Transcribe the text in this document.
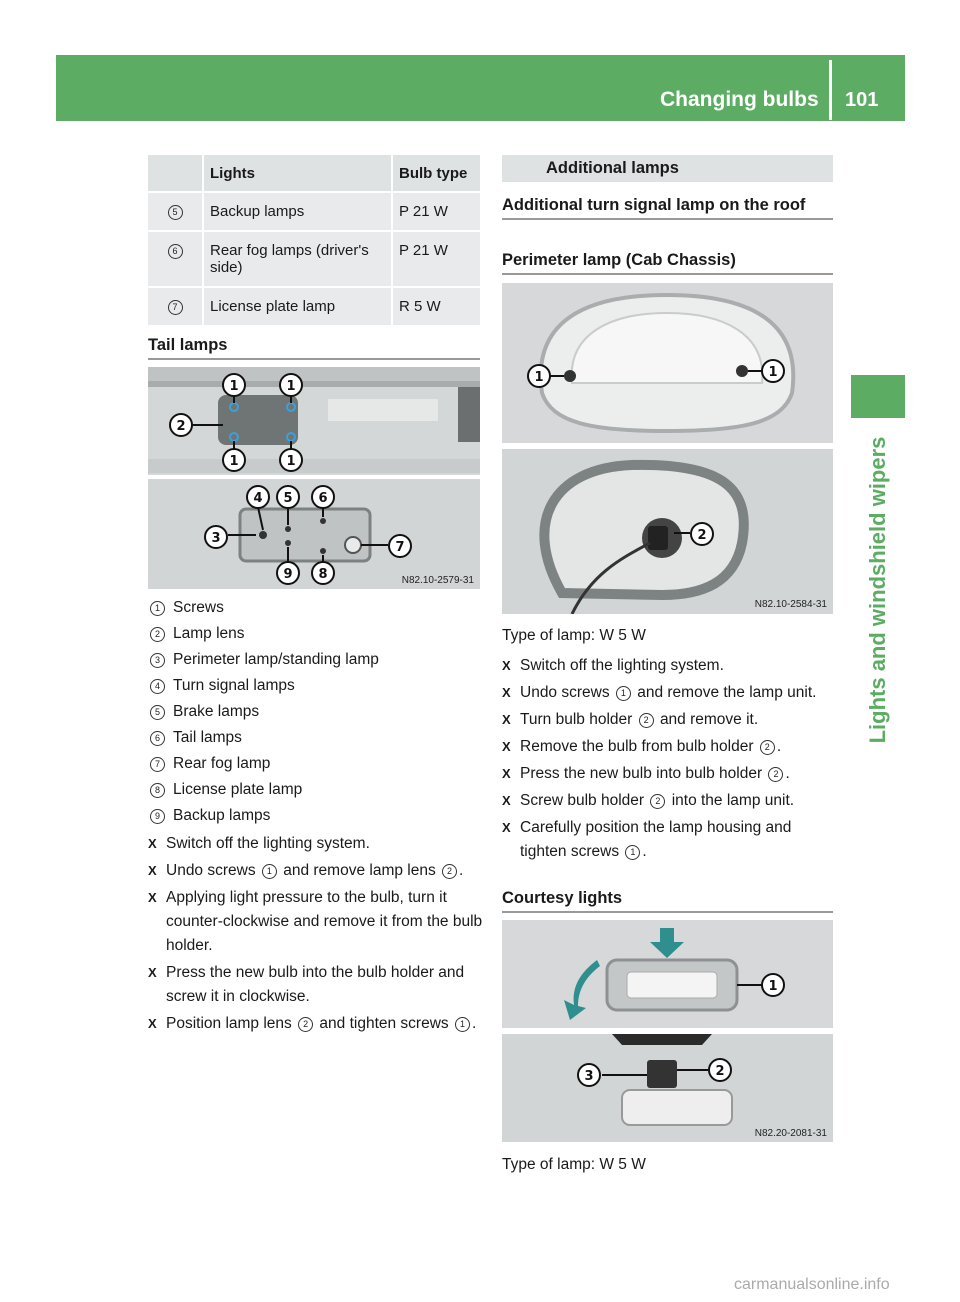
Changing bulbs 101
Lights and windshield wipers
	Lights	Bulb type
5	Backup lamps	P 21 W
6	Rear fog lamps (driver's side)	P 21 W
7	License plate lamp	R 5 W
Tail lamps
1	1
1	1
2
3
4 5 6
7
9 8	N82.10-2579-31
1 Screws
2 Lamp lens
3 Perimeter lamp/standing lamp
4 Turn signal lamps
5 Brake lamps
6 Tail lamps
7 Rear fog lamp
8 License plate lamp
9 Backup lamps
X Switch off the lighting system.
X Undo screws 1 and remove lamp lens 2 .
X Applying light pressure to the bulb, turn it counter-clockwise and remove it from the bulb holder.
X Press the new bulb into the bulb holder and screw it in clockwise.
X Position lamp lens 2 and tighten screws 1 .
Additional lamps
Additional turn signal lamp on the roof
Perimeter lamp (Cab Chassis)
1	1
2
N82.10-2584-31
Type of lamp: W 5 W
X Switch off the lighting system.
X Undo screws 1 and remove the lamp unit.
X Turn bulb holder 2 and remove it.
X Remove the bulb from bulb holder 2 .
X Press the new bulb into bulb holder 2 .
X Screw bulb holder 2 into the lamp unit.
X Carefully position the lamp housing and tighten screws 1 .
Courtesy lights
1
3	2
N82.20-2081-31
Type of lamp: W 5 W
carmanualsonline.info
